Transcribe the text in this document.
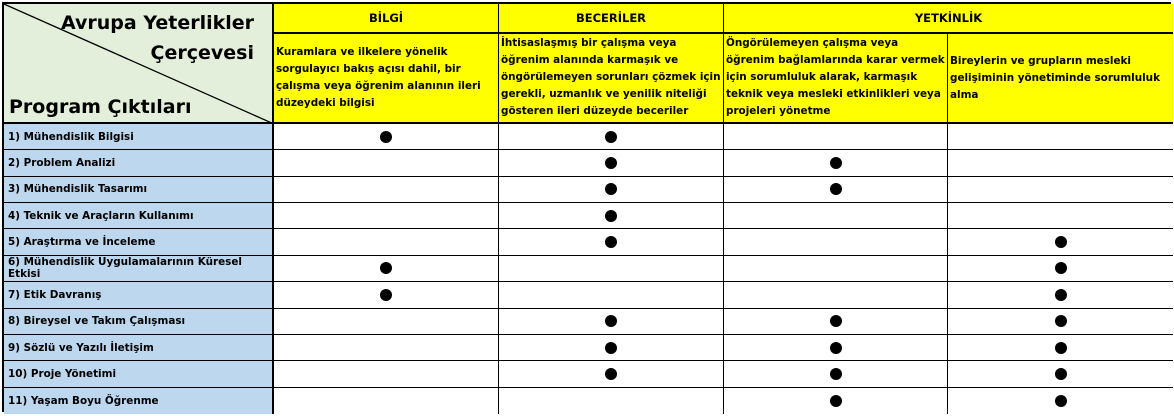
Avrupa Yeterlikler
Çerçevesi
Program Çıktıları
BİLGİ	BECERİLER	YETKİNLİK
Kuramlara ve ilkelere yönelik sorgulayıcı bakış açısı dahil, bir çalışma veya öğrenim alanının ileri düzeydeki bilgisi
İhtisaslaşmış bir çalışma veya öğrenim alanında karmaşık ve öngörülemeyen sorunları çözmek için gerekli, uzmanlık ve yenilik niteliği gösteren ileri düzeyde beceriler
Öngörülemeyen çalışma veya öğrenim bağlamlarında karar vermek için sorumluluk alarak, karmaşık teknik veya mesleki etkinlikleri veya projeleri yönetme
Bireylerin ve grupların mesleki gelişiminin yönetiminde sorumluluk alma
1) Mühendislik Bilgisi
2) Problem Analizi
3) Mühendislik Tasarımı
4) Teknik ve Araçların Kullanımı
5) Araştırma ve İnceleme
6) Mühendislik Uygulamalarının Küresel Etkisi
7) Etik Davranış
8) Bireysel ve Takım Çalışması
9) Sözlü ve Yazılı İletişim
10) Proje Yönetimi
11) Yaşam Boyu Öğrenme
